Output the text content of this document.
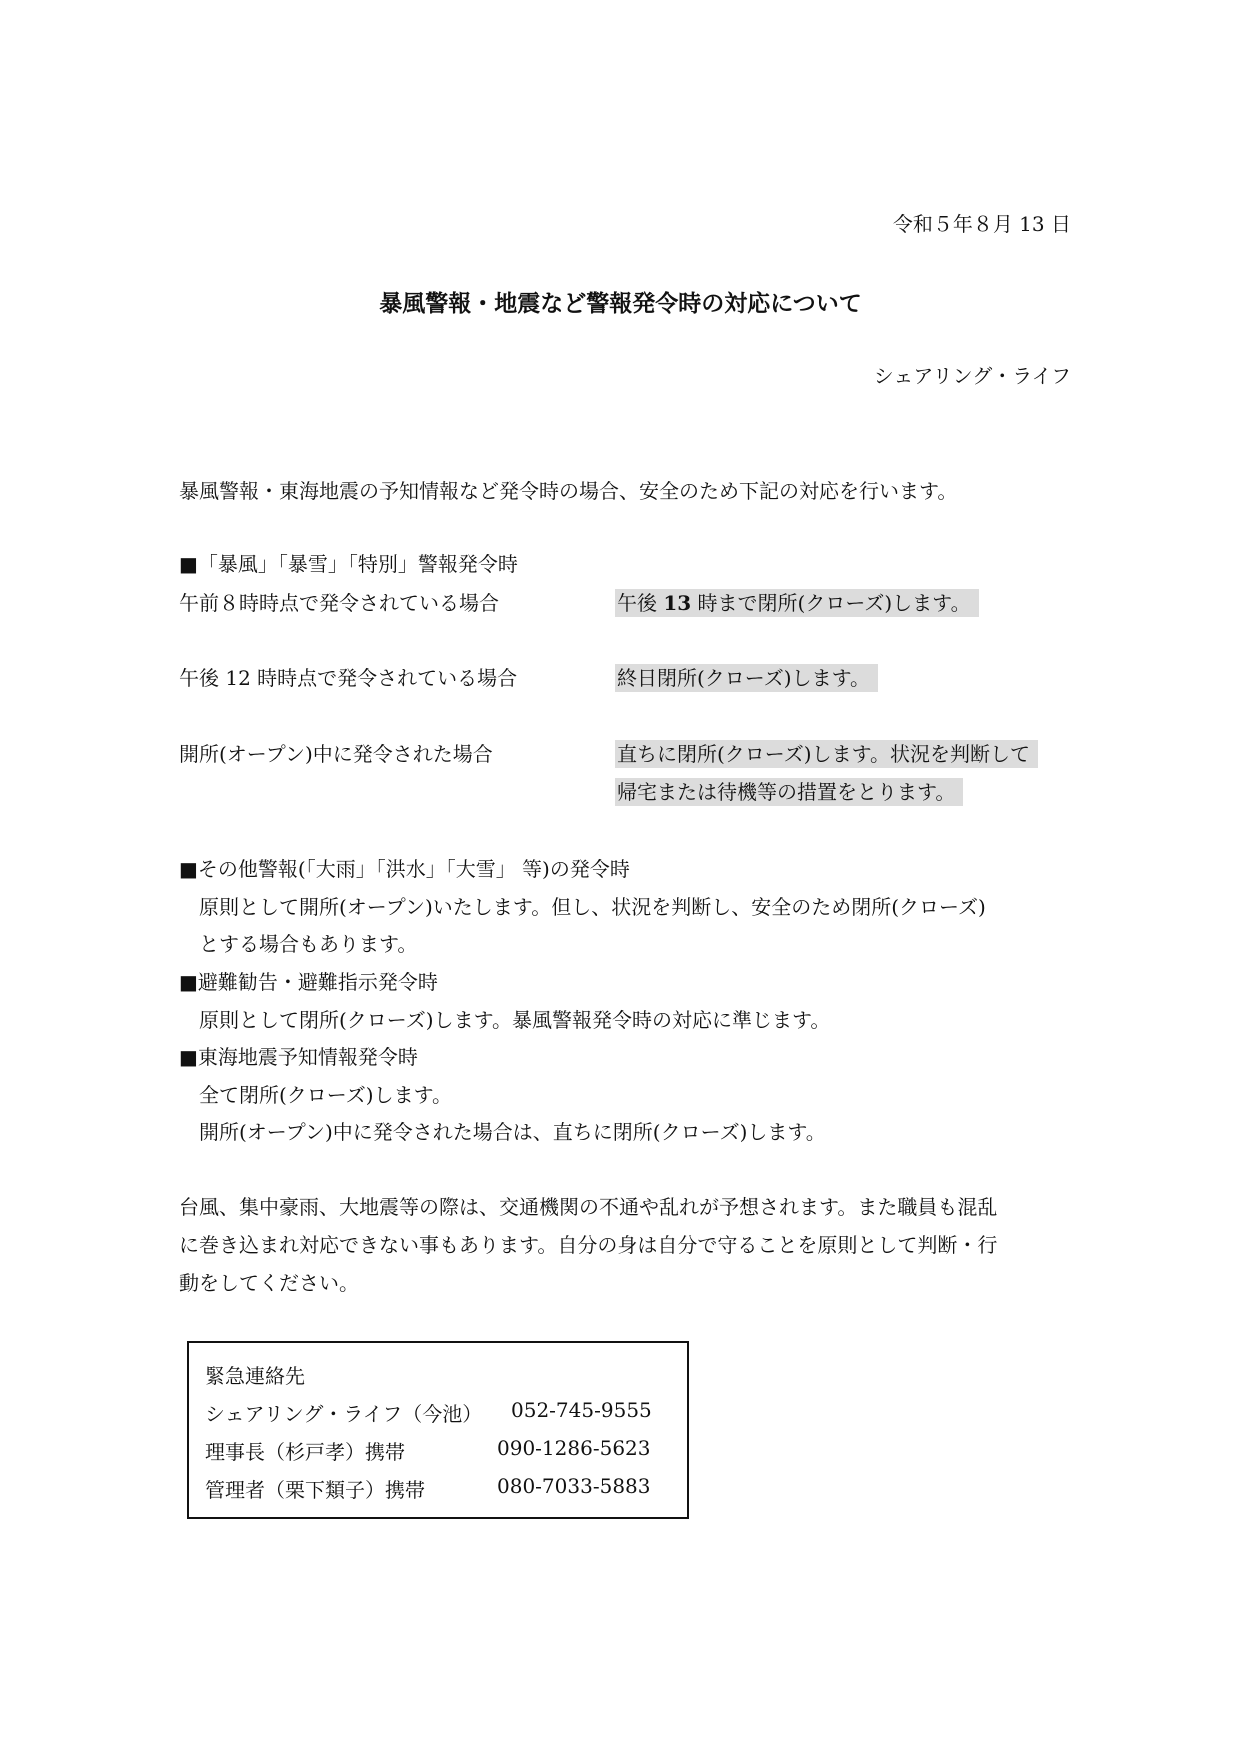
令和５年８月 13 日
暴風警報・地震など警報発令時の対応について
シェアリング・ライフ
暴風警報・東海地震の予知情報など発令時の場合、安全のため下記の対応を行います。
■「暴風」「暴雪」「特別」警報発令時
午前８時時点で発令されている場合	午後 13 時まで閉所(クローズ)します。
午後 12 時時点で発令されている場合	終日閉所(クローズ)します。
開所(オープン)中に発令された場合	直ちに閉所(クローズ)します。状況を判断して
帰宅または待機等の措置をとります。
■その他警報(「大雨」「洪水」「大雪」 等)の発令時
原則として開所(オープン)いたします。但し、状況を判断し、安全のため閉所(クローズ)
とする場合もあります。
■避難勧告・避難指示発令時
原則として閉所(クローズ)します。暴風警報発令時の対応に準じます。
■東海地震予知情報発令時
全て閉所(クローズ)します。
開所(オープン)中に発令された場合は、直ちに閉所(クローズ)します。
台風、集中豪雨、大地震等の際は、交通機関の不通や乱れが予想されます。また職員も混乱
に巻き込まれ対応できない事もあります。自分の身は自分で守ることを原則として判断・行
動をしてください。
緊急連絡先
シェアリング・ライフ（今池） 052-745-9555
理事長（杉戸孝）携帯	090-1286-5623
管理者（栗下類子）携帯	080-7033-5883
